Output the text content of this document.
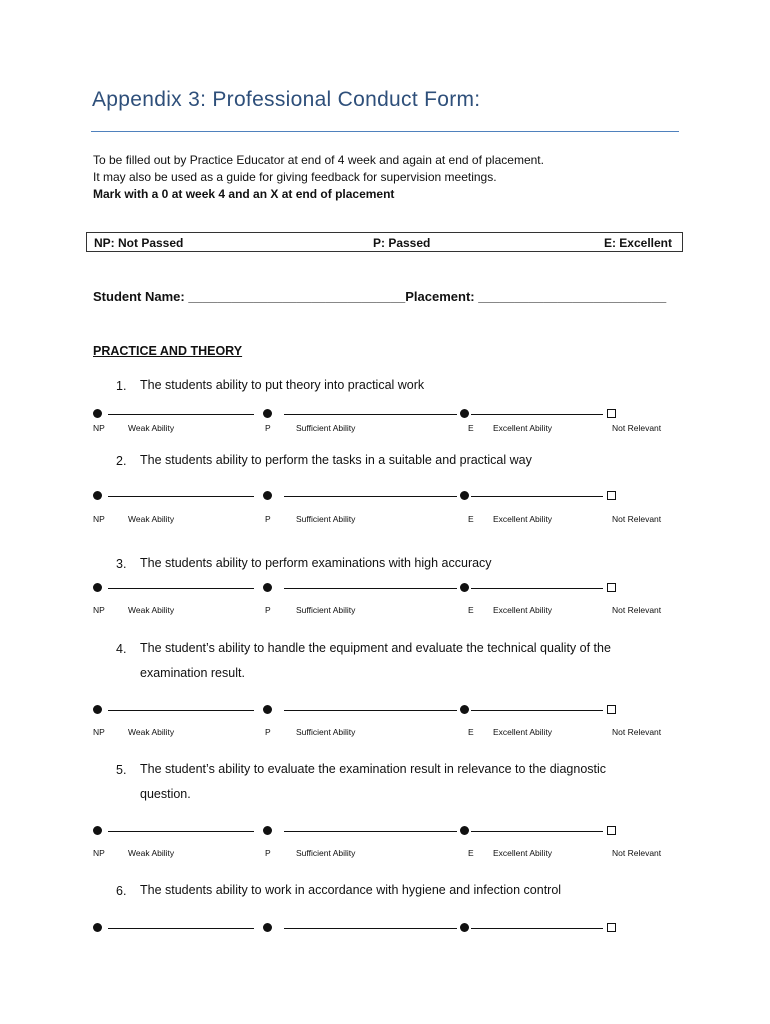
Appendix 3: Professional Conduct Form:
To be filled out by Practice Educator at end of 4 week and again at end of placement.
It may also be used as a guide for giving feedback for supervision meetings.
Mark with a 0 at week 4 and an X at end of placement
NP: Not Passed	P: Passed	E: Excellent
Student Name: ______________________________Placement: __________________________
PRACTICE AND THEORY
1. The students ability to put theory into practical work
NP	Weak Ability	P	Sufficient Ability	E Excellent Ability	Not Relevant
2. The students ability to perform the tasks in a suitable and practical way
NP	Weak Ability	P	Sufficient Ability	E Excellent Ability	Not Relevant
3. The students ability to perform examinations with high accuracy
NP	Weak Ability	P	Sufficient Ability	E Excellent Ability	Not Relevant
4. The student’s ability to handle the equipment and evaluate the technical quality of the
examination result.
NP	Weak Ability	P	Sufficient Ability	E Excellent Ability	Not Relevant
5. The student’s ability to evaluate the examination result in relevance to the diagnostic
question.
NP	Weak Ability	P	Sufficient Ability	E Excellent Ability	Not Relevant
6. The students ability to work in accordance with hygiene and infection control
